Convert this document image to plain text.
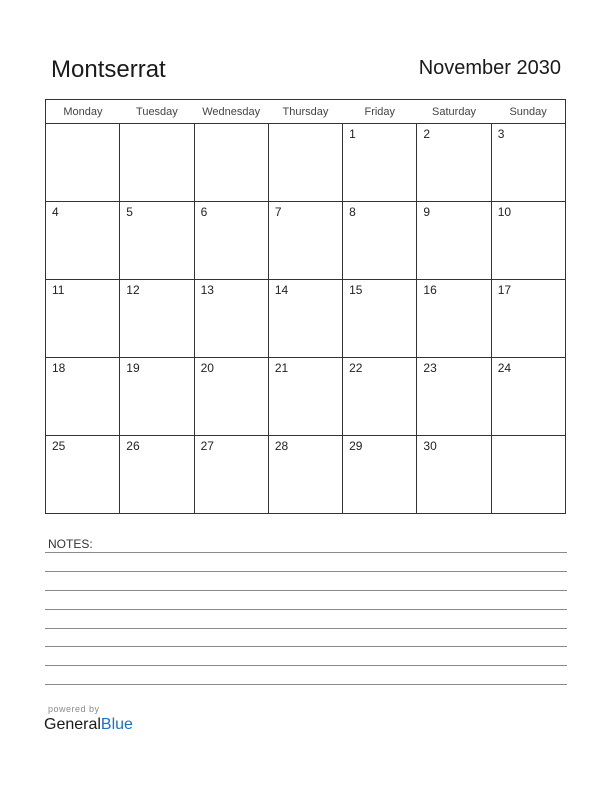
Montserrat	November 2030
Monday	Tuesday	Wednesday	Thursday	Friday	Saturday	Sunday

				1	2	3

4	5	6	7	8	9	10

11	12	13	14	15	16	17

18	19	20	21	22	23	24

25	26	27	28	29	30	

NOTES:
powered by
GeneralBlue
